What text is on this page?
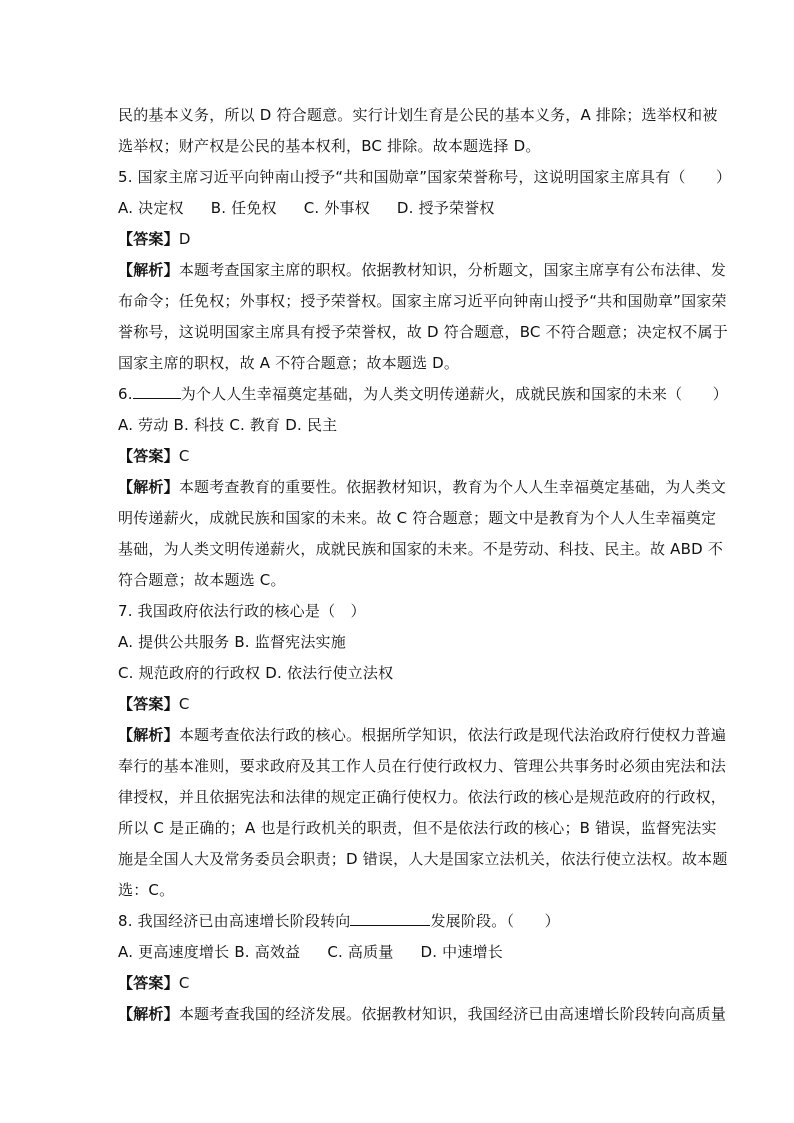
民的基本义务，所以 D 符合题意。实行计划生育是公民的基本义务，A 排除；选举权和被
选举权；财产权是公民的基本权利，BC 排除。故本题选择 D。
5. 国家主席习近平向钟南山授予“共和国勋章”国家荣誉称号，这说明国家主席具有（　　）
A. 决定权 B. 任免权 C. 外事权 D. 授予荣誉权
【答案】D
【解析】本题考查国家主席的职权。依据教材知识，分析题文，国家主席享有公布法律、发
布命令；任免权；外事权；授予荣誉权。国家主席习近平向钟南山授予“共和国勋章”国家荣
誉称号，这说明国家主席具有授予荣誉权，故 D 符合题意，BC 不符合题意；决定权不属于
国家主席的职权，故 A 不符合题意；故本题选 D。
6.	为个人人生幸福奠定基础，为人类文明传递薪火，成就民族和国家的未来（　　）
A. 劳动 B. 科技 C. 教育 D. 民主
【答案】C
【解析】本题考查教育的重要性。依据教材知识，教育为个人人生幸福奠定基础，为人类文
明传递薪火，成就民族和国家的未来。故 C 符合题意；题文中是教育为个人人生幸福奠定
基础，为人类文明传递薪火，成就民族和国家的未来。不是劳动、科技、民主。故 ABD 不
符合题意；故本题选 C。
7. 我国政府依法行政的核心是（　）
A. 提供公共服务 B. 监督宪法实施
C. 规范政府的行政权 D. 依法行使立法权
【答案】C
【解析】本题考查依法行政的核心。根据所学知识，依法行政是现代法治政府行使权力普遍
奉行的基本准则，要求政府及其工作人员在行使行政权力、管理公共事务时必须由宪法和法
律授权，并且依据宪法和法律的规定正确行使权力。依法行政的核心是规范政府的行政权，
所以 C 是正确的；A 也是行政机关的职责，但不是依法行政的核心；B 错误，监督宪法实
施是全国人大及常务委员会职责；D 错误，人大是国家立法机关，依法行使立法权。故本题
选：C。
8. 我国经济已由高速增长阶段转向	发展阶段。（　　）
A. 更高速度增长 B. 高效益 C. 高质量 D. 中速增长
【答案】C
【解析】本题考查我国的经济发展。依据教材知识，我国经济已由高速增长阶段转向高质量
